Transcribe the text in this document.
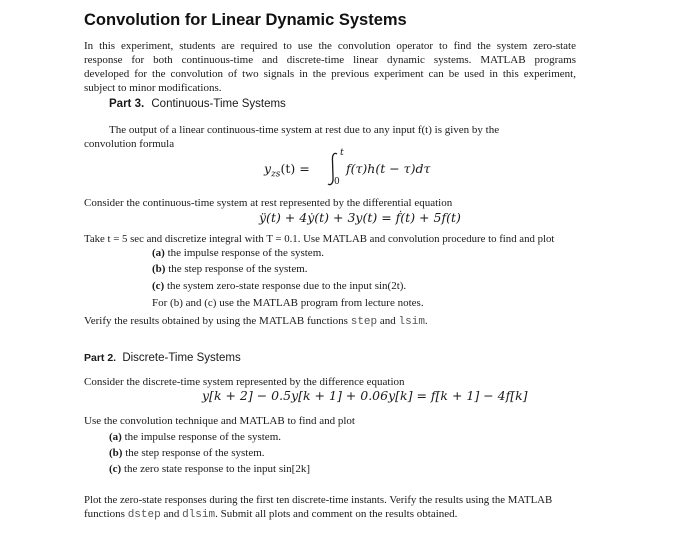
Convolution for Linear Dynamic Systems
In this experiment, students are required to use the convolution operator to find the system zero-state
response for both continuous-time and discrete-time linear dynamic systems. MATLAB programs
developed for the convolution of two signals in the previous experiment can be used in this experiment,
subject to minor modifications.
Part 3. Continuous-Time Systems
The output of a linear continuous-time system at rest due to any input f(t) is given by the
convolution formula
$y_{zs}(t)$ =
t
0
f(τ)h(t − τ)dτ
Consider the continuous-time system at rest represented by the differential equation
ÿ(t) + 4ẏ(t) + 3y(t) = ḟ(t) + 5f(t)
Take t = 5 sec and discretize integral with T = 0.1. Use MATLAB and convolution procedure to find and plot
(a) the impulse response of the system.
(b) the step response of the system.
(c) the system zero-state response due to the input sin(2t).
For (b) and (c) use the MATLAB program from lecture notes.
Verify the results obtained by using the MATLAB functions step and lsim.
Part 2. Discrete-Time Systems
Consider the discrete-time system represented by the difference equation
y[k + 2] − 0.5y[k + 1] + 0.06y[k] = f[k + 1] − 4f[k]
Use the convolution technique and MATLAB to find and plot
(a) the impulse response of the system.
(b) the step response of the system.
(c) the zero state response to the input sin[2k]
Plot the zero-state responses during the first ten discrete-time instants. Verify the results using the MATLAB
functions dstep and dlsim. Submit all plots and comment on the results obtained.
